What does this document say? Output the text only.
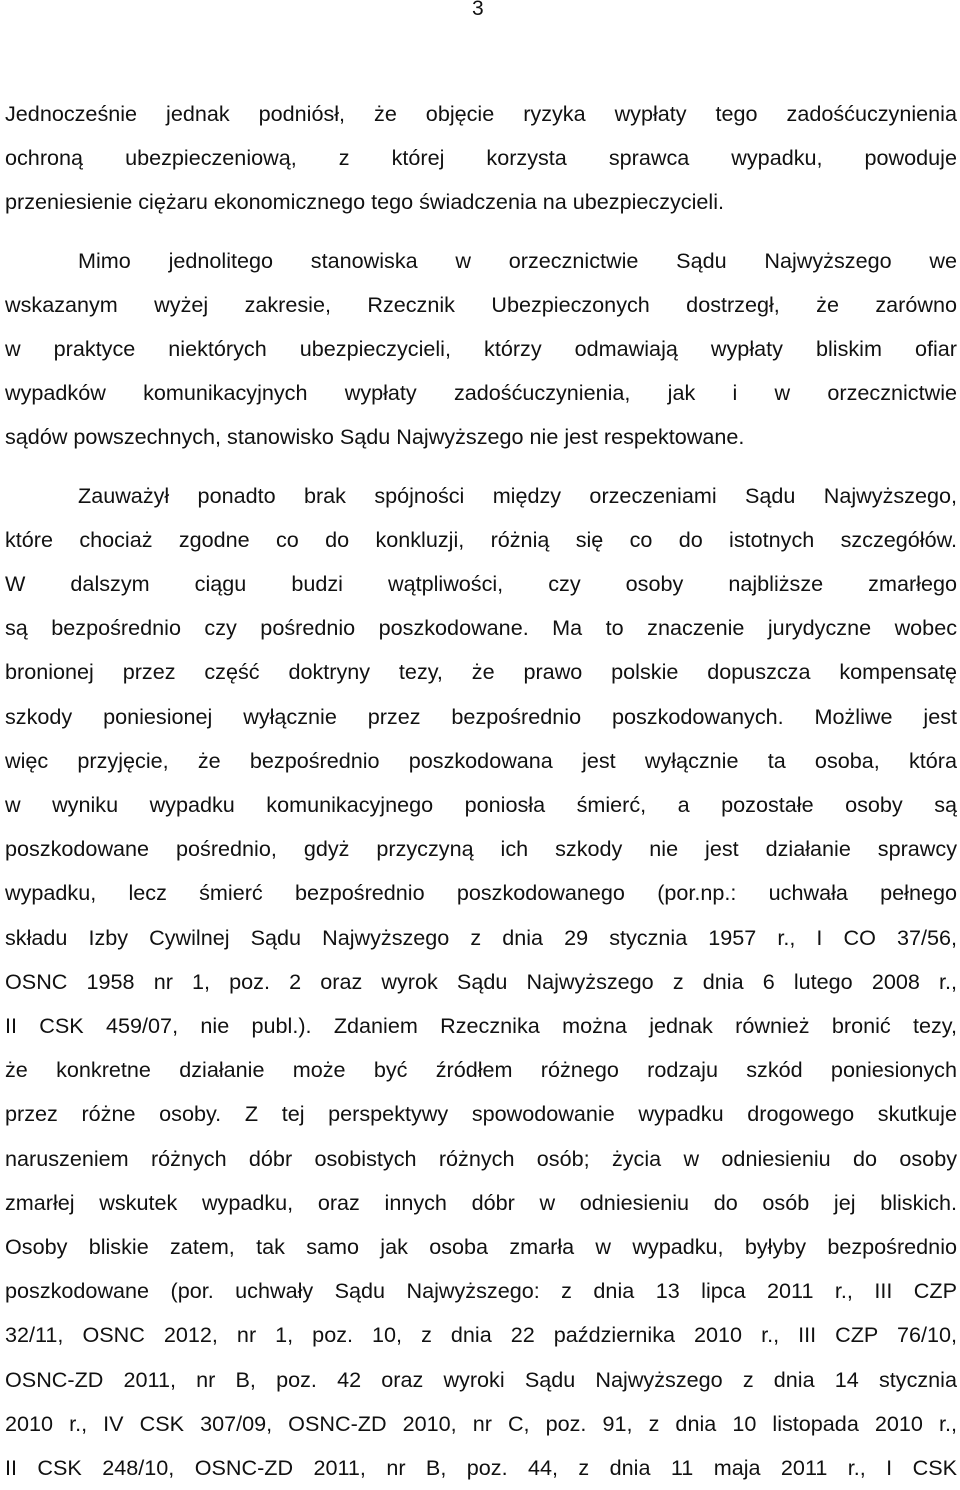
3

Jednocześnie jednak podniósł, że objęcie ryzyka wypłaty tego zadośćuczynienia
ochroną ubezpieczeniową, z której korzysta sprawca wypadku, powoduje
przeniesienie ciężaru ekonomicznego tego świadczenia na ubezpieczycieli.

Mimo jednolitego stanowiska w orzecznictwie Sądu Najwyższego we
wskazanym wyżej zakresie, Rzecznik Ubezpieczonych dostrzegł, że zarówno
w praktyce niektórych ubezpieczycieli, którzy odmawiają wypłaty bliskim ofiar
wypadków komunikacyjnych wypłaty zadośćuczynienia, jak i w orzecznictwie
sądów powszechnych, stanowisko Sądu Najwyższego nie jest respektowane.

Zauważył ponadto brak spójności między orzeczeniami Sądu Najwyższego,
które chociaż zgodne co do konkluzji, różnią się co do istotnych szczegółów.
W dalszym ciągu budzi wątpliwości, czy osoby najbliższe zmarłego
są bezpośrednio czy pośrednio poszkodowane. Ma to znaczenie jurydyczne wobec
bronionej przez część doktryny tezy, że prawo polskie dopuszcza kompensatę
szkody poniesionej wyłącznie przez bezpośrednio poszkodowanych. Możliwe jest
więc przyjęcie, że bezpośrednio poszkodowana jest wyłącznie ta osoba, która
w wyniku wypadku komunikacyjnego poniosła śmierć, a pozostałe osoby są
poszkodowane pośrednio, gdyż przyczyną ich szkody nie jest działanie sprawcy
wypadku, lecz śmierć bezpośrednio poszkodowanego (por.np.: uchwała pełnego
składu Izby Cywilnej Sądu Najwyższego z dnia 29 stycznia 1957 r., I CO 37/56,
OSNC 1958 nr 1, poz. 2 oraz wyrok Sądu Najwyższego z dnia 6 lutego 2008 r.,
II CSK 459/07, nie publ.). Zdaniem Rzecznika można jednak również bronić tezy,
że konkretne działanie może być źródłem różnego rodzaju szkód poniesionych
przez różne osoby. Z tej perspektywy spowodowanie wypadku drogowego skutkuje
naruszeniem różnych dóbr osobistych różnych osób; życia w odniesieniu do osoby
zmarłej wskutek wypadku, oraz innych dóbr w odniesieniu do osób jej bliskich.
Osoby bliskie zatem, tak samo jak osoba zmarła w wypadku, byłyby bezpośrednio
poszkodowane (por. uchwały Sądu Najwyższego: z dnia 13 lipca 2011 r., III CZP
32/11, OSNC 2012, nr 1, poz. 10, z dnia 22 października 2010 r., III CZP 76/10,
OSNC-ZD 2011, nr B, poz. 42 oraz wyroki Sądu Najwyższego z dnia 14 stycznia
2010 r., IV CSK 307/09, OSNC-ZD 2010, nr C, poz. 91, z dnia 10 listopada 2010 r.,
II CSK 248/10, OSNC-ZD 2011, nr B, poz. 44, z dnia 11 maja 2011 r., I CSK
